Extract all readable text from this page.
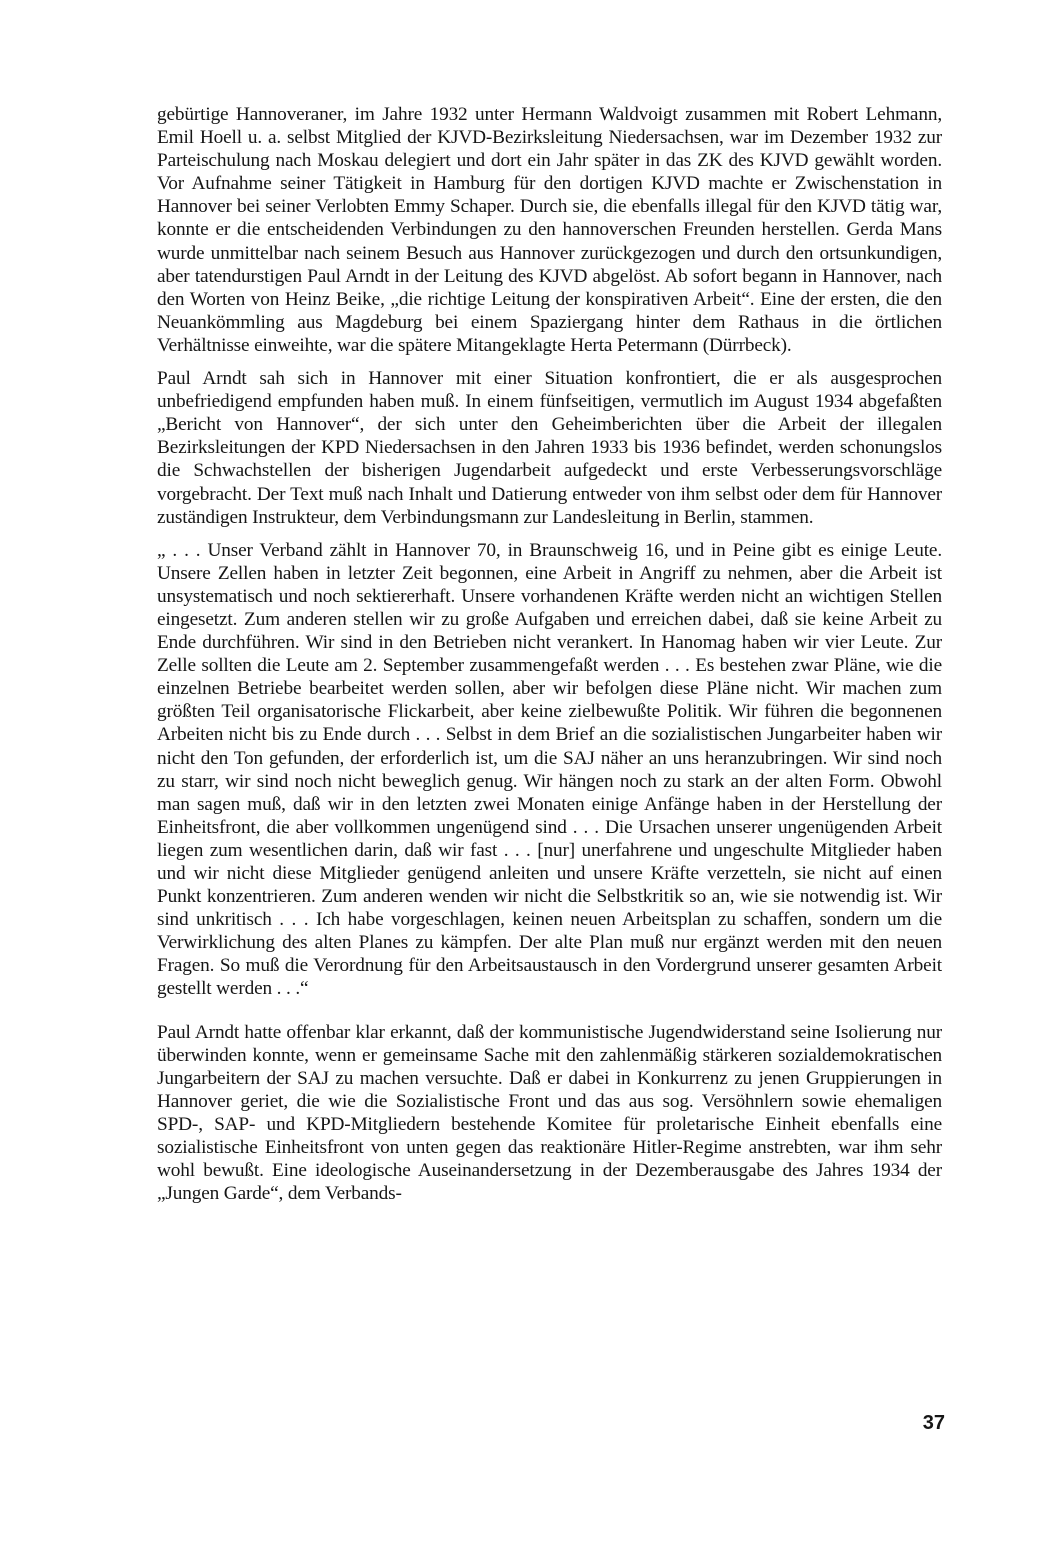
gebürtige Hannoveraner, im Jahre 1932 unter Hermann Waldvoigt zusammen mit Robert Lehmann, Emil Hoell u. a. selbst Mitglied der KJVD-Bezirksleitung Niedersachsen, war im Dezember 1932 zur Parteischulung nach Moskau delegiert und dort ein Jahr später in das ZK des KJVD gewählt worden. Vor Aufnahme seiner Tätigkeit in Hamburg für den dortigen KJVD machte er Zwischenstation in Hannover bei seiner Verlobten Emmy Schaper. Durch sie, die ebenfalls illegal für den KJVD tätig war, konnte er die entscheidenden Verbindungen zu den hannoverschen Freunden herstellen. Gerda Mans wurde unmittelbar nach seinem Besuch aus Hannover zurückgezogen und durch den ortsunkundigen, aber tatendurstigen Paul Arndt in der Leitung des KJVD abgelöst. Ab sofort begann in Hannover, nach den Worten von Heinz Beike, „die richtige Leitung der konspirativen Arbeit“. Eine der ersten, die den Neuankömmling aus Magdeburg bei einem Spaziergang hinter dem Rathaus in die örtlichen Verhältnisse einweihte, war die spätere Mitangeklagte Herta Petermann (Dürrbeck).

Paul Arndt sah sich in Hannover mit einer Situation konfrontiert, die er als ausgesprochen unbefriedigend empfunden haben muß. In einem fünfseitigen, vermutlich im August 1934 abgefaßten „Bericht von Hannover“, der sich unter den Geheimberichten über die Arbeit der illegalen Bezirksleitungen der KPD Niedersachsen in den Jahren 1933 bis 1936 befindet, werden schonungslos die Schwachstellen der bisherigen Jugendarbeit aufgedeckt und erste Verbesserungsvorschläge vorgebracht. Der Text muß nach Inhalt und Datierung entweder von ihm selbst oder dem für Hannover zuständigen Instrukteur, dem Verbindungsmann zur Landesleitung in Berlin, stammen.

„ . . . Unser Verband zählt in Hannover 70, in Braunschweig 16, und in Peine gibt es einige Leute. Unsere Zellen haben in letzter Zeit begonnen, eine Arbeit in Angriff zu nehmen, aber die Arbeit ist unsystematisch und noch sektiererhaft. Unsere vorhandenen Kräfte werden nicht an wichtigen Stellen eingesetzt. Zum anderen stellen wir zu große Aufgaben und erreichen dabei, daß sie keine Arbeit zu Ende durchführen. Wir sind in den Betrieben nicht verankert. In Hanomag haben wir vier Leute. Zur Zelle sollten die Leute am 2. September zusammengefaßt werden . . . Es bestehen zwar Pläne, wie die einzelnen Betriebe bearbeitet werden sollen, aber wir befolgen diese Pläne nicht. Wir machen zum größten Teil organisatorische Flickarbeit, aber keine zielbewußte Politik. Wir führen die begonnenen Arbeiten nicht bis zu Ende durch . . . Selbst in dem Brief an die sozialistischen Jungarbeiter haben wir nicht den Ton gefunden, der erforderlich ist, um die SAJ näher an uns heranzubringen. Wir sind noch zu starr, wir sind noch nicht beweglich genug. Wir hängen noch zu stark an der alten Form. Obwohl man sagen muß, daß wir in den letzten zwei Monaten einige Anfänge haben in der Herstellung der Einheitsfront, die aber vollkommen ungenügend sind . . . Die Ursachen unserer ungenügenden Arbeit liegen zum wesentlichen darin, daß wir fast . . . [nur] unerfahrene und ungeschulte Mitglieder haben und wir nicht diese Mitglieder genügend anleiten und unsere Kräfte verzetteln, sie nicht auf einen Punkt konzentrieren. Zum anderen wenden wir nicht die Selbstkritik so an, wie sie notwendig ist. Wir sind unkritisch . . . Ich habe vorgeschlagen, keinen neuen Arbeitsplan zu schaffen, sondern um die Verwirklichung des alten Planes zu kämpfen. Der alte Plan muß nur ergänzt werden mit den neuen Fragen. So muß die Verordnung für den Arbeitsaustausch in den Vordergrund unserer gesamten Arbeit gestellt werden . . .“

Paul Arndt hatte offenbar klar erkannt, daß der kommunistische Jugendwiderstand seine Isolierung nur überwinden konnte, wenn er gemeinsame Sache mit den zahlenmäßig stärkeren sozialdemokratischen Jungarbeitern der SAJ zu machen versuchte. Daß er dabei in Konkurrenz zu jenen Gruppierungen in Hannover geriet, die wie die Sozialistische Front und das aus sog. Versöhnlern sowie ehemaligen SPD-, SAP- und KPD-Mitgliedern bestehende Komitee für proletarische Einheit ebenfalls eine sozialistische Einheitsfront von unten gegen das reaktionäre Hitler-Regime anstrebten, war ihm sehr wohl bewußt. Eine ideologische Auseinandersetzung in der Dezemberausgabe des Jahres 1934 der „Jungen Garde“, dem Verbands-

37
